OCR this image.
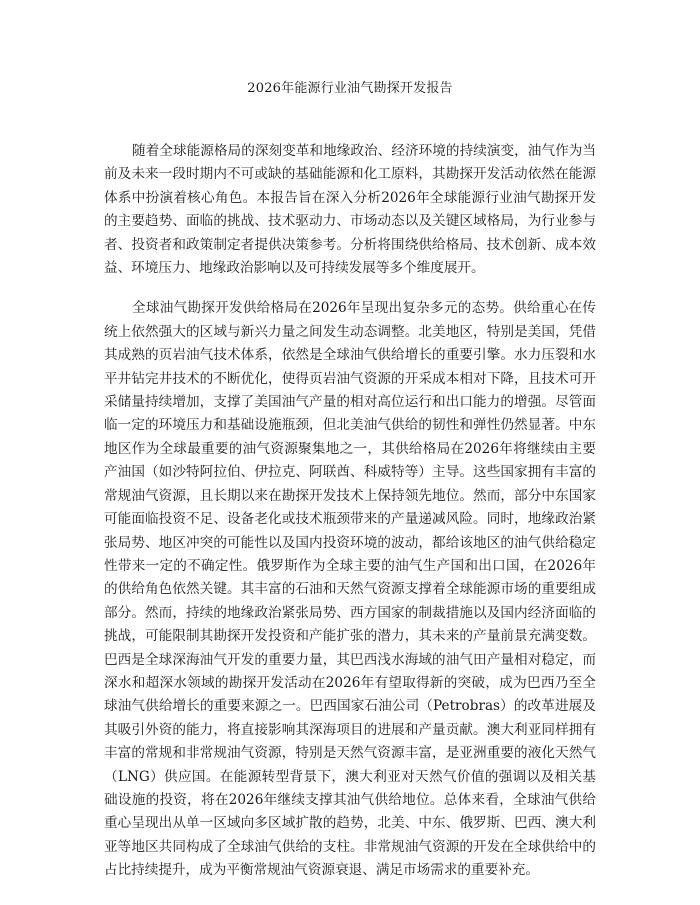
2026年能源行业油气勘探开发报告

随着全球能源格局的深刻变革和地缘政治、经济环境的持续演变，油气作为当前及未来一段时期内不可或缺的基础能源和化工原料，其勘探开发活动依然在能源体系中扮演着核心角色。本报告旨在深入分析2026年全球能源行业油气勘探开发的主要趋势、面临的挑战、技术驱动力、市场动态以及关键区域格局，为行业参与者、投资者和政策制定者提供决策参考。分析将围绕供给格局、技术创新、成本效益、环境压力、地缘政治影响以及可持续发展等多个维度展开。

全球油气勘探开发供给格局在2026年呈现出复杂多元的态势。供给重心在传统上依然强大的区域与新兴力量之间发生动态调整。北美地区，特别是美国，凭借其成熟的页岩油气技术体系，依然是全球油气供给增长的重要引擎。水力压裂和水平井钻完井技术的不断优化，使得页岩油气资源的开采成本相对下降，且技术可开采储量持续增加，支撑了美国油气产量的相对高位运行和出口能力的增强。尽管面临一定的环境压力和基础设施瓶颈，但北美油气供给的韧性和弹性仍然显著。中东地区作为全球最重要的油气资源聚集地之一，其供给格局在2026年将继续由主要产油国（如沙特阿拉伯、伊拉克、阿联酋、科威特等）主导。这些国家拥有丰富的常规油气资源，且长期以来在勘探开发技术上保持领先地位。然而，部分中东国家可能面临投资不足、设备老化或技术瓶颈带来的产量递减风险。同时，地缘政治紧张局势、地区冲突的可能性以及国内投资环境的波动，都给该地区的油气供给稳定性带来一定的不确定性。俄罗斯作为全球主要的油气生产国和出口国，在2026年的供给角色依然关键。其丰富的石油和天然气资源支撑着全球能源市场的重要组成部分。然而，持续的地缘政治紧张局势、西方国家的制裁措施以及国内经济面临的挑战，可能限制其勘探开发投资和产能扩张的潜力，其未来的产量前景充满变数。巴西是全球深海油气开发的重要力量，其巴西浅水海域的油气田产量相对稳定，而深水和超深水领域的勘探开发活动在2026年有望取得新的突破，成为巴西乃至全球油气供给增长的重要来源之一。巴西国家石油公司（Petrobras）的改革进展及其吸引外资的能力，将直接影响其深海项目的进展和产量贡献。澳大利亚同样拥有丰富的常规和非常规油气资源，特别是天然气资源丰富，是亚洲重要的液化天然气（LNG）供应国。在能源转型背景下，澳大利亚对天然气价值的强调以及相关基础设施的投资，将在2026年继续支撑其油气供给地位。总体来看，全球油气供给重心呈现出从单一区域向多区域扩散的趋势，北美、中东、俄罗斯、巴西、澳大利亚等地区共同构成了全球油气供给的支柱。非常规油气资源的开发在全球供给中的占比持续提升，成为平衡常规油气资源衰退、满足市场需求的重要补充。
